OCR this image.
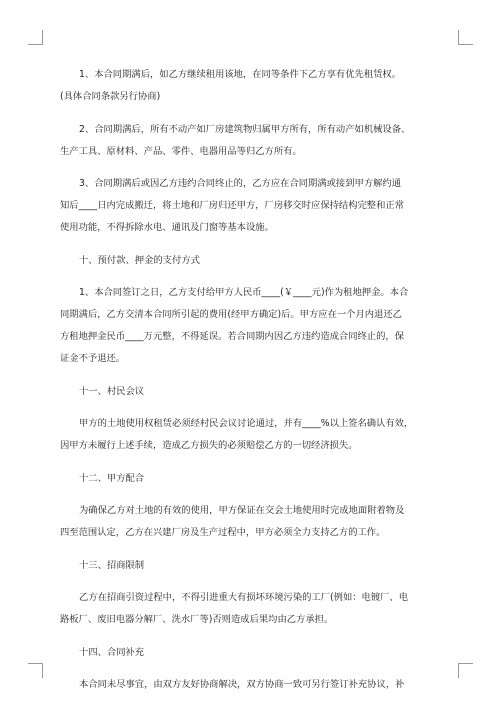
1、本合同期满后，如乙方继续租用该地，在同等条件下乙方享有优先租赁权。
(具体合同条款另行协商)
2、合同期满后，所有不动产如厂房建筑物归属甲方所有，所有动产如机械设备、
生产工具、原材料、产品、零件、电器用品等归乙方所有。
3、合同期满后或因乙方违约合同终止的，乙方应在合同期满或接到甲方解约通
知后____日内完成搬迁，将土地和厂房归还甲方，厂房移交时应保持结构完整和正常
使用功能，不得拆除水电、通讯及门窗等基本设施。
十、预付款、押金的支付方式
1、本合同签订之日，乙方支付给甲方人民币____(￥____元)作为租地押金。本合
同期满后，乙方交清本合同所引起的费用(经甲方确定)后。甲方应在一个月内退还乙
方租地押金民币____万元整，不得延误。若合同期内因乙方违约造成合同终止的，保
证金不予退还。
十一、村民会议
甲方的土地使用权租赁必须经村民会议讨论通过，并有____%以上签名确认有效，
因甲方未履行上述手续，造成乙方损失的必须赔偿乙方的一切经济损失。
十二、甲方配合
为确保乙方对土地的有效的使用，甲方保证在交会土地使用时完成地面附着物及
四至范围认定，乙方在兴建厂房及生产过程中，甲方必须全力支持乙方的工作。
十三、招商限制
乙方在招商引资过程中，不得引进重大有损坏环境污染的工厂(例如：电镀厂、电
路板厂、废旧电器分解厂、洗水厂等)否则造成后果均由乙方承担。
十四、合同补充
本合同未尽事宜，由双方友好协商解决，双方协商一致可另行签订补充协议，补
